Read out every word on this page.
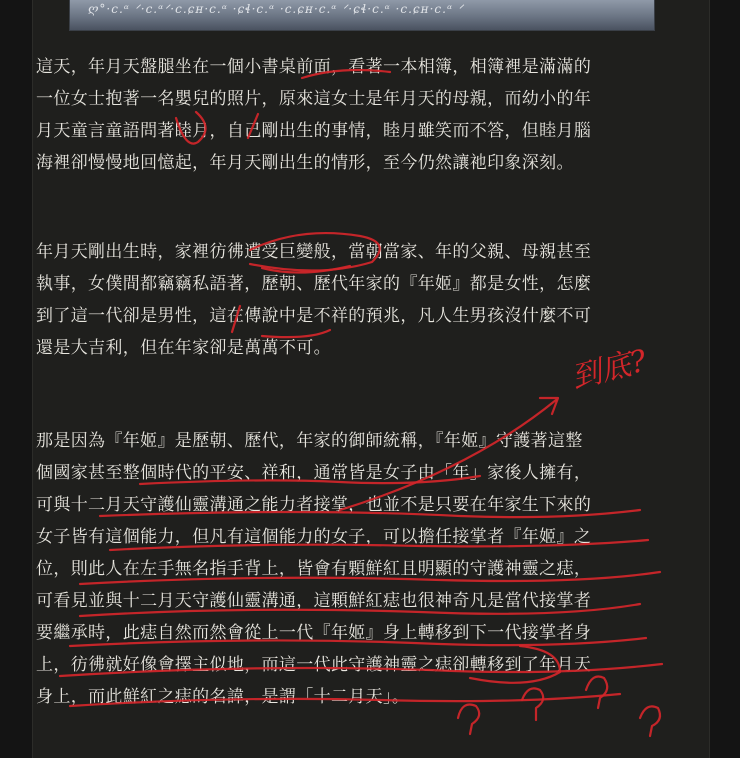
ღ°·c.ᵅ ᐟ·c.ᵅᐟ·c.ɕʜ·c.ᵅ ·ɕɬ·c.ᵅ ·c.ɕʜ·c.ᵅ ᐟ·ɕɬ·c.ᵅ ·c.ɕʜ·c.ᵅ ᐟ
這天，年月天盤腿坐在一個小書桌前面，看著一本相簿，相簿裡是滿滿的
一位女士抱著一名嬰兒的照片，原來這女士是年月天的母親，而幼小的年
月天童言童語問著睦月，自己剛出生的事情，睦月雖笑而不答，但睦月腦
海裡卻慢慢地回憶起，年月天剛出生的情形，至今仍然讓祂印象深刻。
年月天剛出生時，家裡彷彿遭受巨變般，當朝當家、年的父親、母親甚至
執事，女僕間都竊竊私語著，歷朝、歷代年家的『年姬』都是女性，怎麼
到了這一代卻是男性，這在傳說中是不祥的預兆，凡人生男孩沒什麼不可
還是大吉利，但在年家卻是萬萬不可。
那是因為『年姬』是歷朝、歷代，年家的御師統稱，『年姬』守護著這整
個國家甚至整個時代的平安、祥和，通常皆是女子由「年」家後人擁有，
可與十二月天守護仙靈溝通之能力者接掌，也並不是只要在年家生下來的
女子皆有這個能力，但凡有這個能力的女子，可以擔任接掌者『年姬』之
位，則此人在左手無名指手背上，皆會有顆鮮紅且明顯的守護神靈之痣，
可看見並與十二月天守護仙靈溝通，這顆鮮紅痣也很神奇凡是當代接掌者
要繼承時，此痣自然而然會從上一代『年姬』身上轉移到下一代接掌者身
上，彷彿就好像會擇主似地，而這一代此守護神靈之痣卻轉移到了年月天
身上，而此鮮紅之痣的名諱，是謂「十二月天」。
到底?
